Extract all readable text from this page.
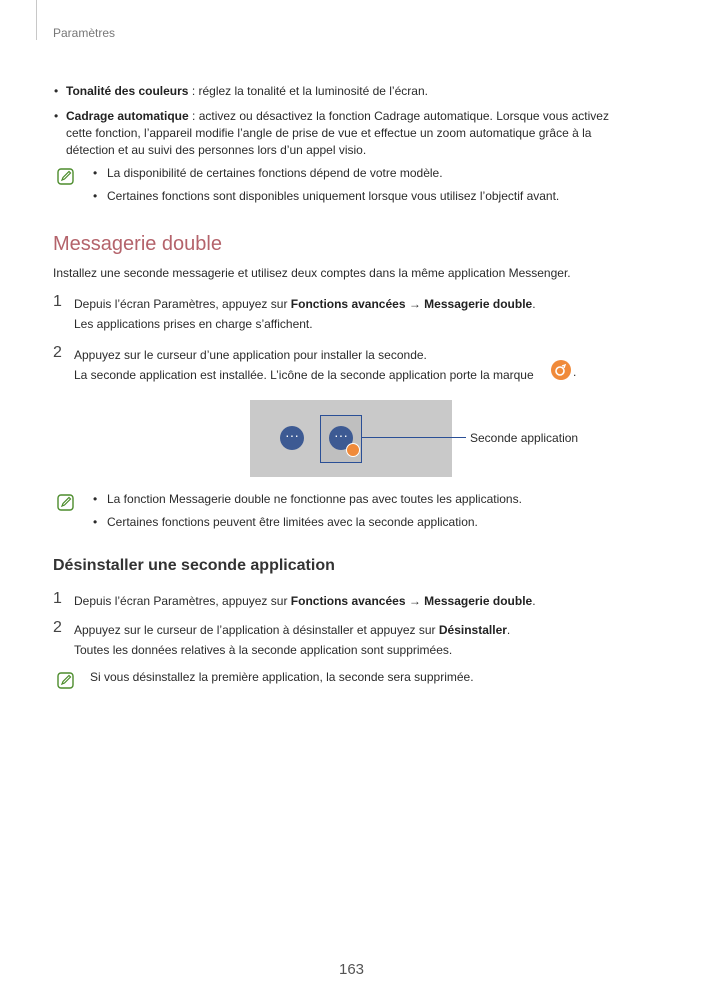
Paramètres
• Tonalité des couleurs : réglez la tonalité et la luminosité de l’écran.
• Cadrage automatique : activez ou désactivez la fonction Cadrage automatique. Lorsque vous activez
cette fonction, l’appareil modifie l’angle de prise de vue et effectue un zoom automatique grâce à la
détection et au suivi des personnes lors d’un appel visio.
• La disponibilité de certaines fonctions dépend de votre modèle.
• Certaines fonctions sont disponibles uniquement lorsque vous utilisez l’objectif avant.
Messagerie double
Installez une seconde messagerie et utilisez deux comptes dans la même application Messenger.
1 Depuis l’écran Paramètres, appuyez sur Fonctions avancées → Messagerie double.
Les applications prises en charge s’affichent.
2 Appuyez sur le curseur d’une application pour installer la seconde.
La seconde application est installée. L’icône de la seconde application porte la marque	.
···	···	Seconde application
• La fonction Messagerie double ne fonctionne pas avec toutes les applications.
• Certaines fonctions peuvent être limitées avec la seconde application.
Désinstaller une seconde application
1 Depuis l’écran Paramètres, appuyez sur Fonctions avancées → Messagerie double.
2 Appuyez sur le curseur de l’application à désinstaller et appuyez sur Désinstaller.
Toutes les données relatives à la seconde application sont supprimées.
Si vous désinstallez la première application, la seconde sera supprimée.
163
